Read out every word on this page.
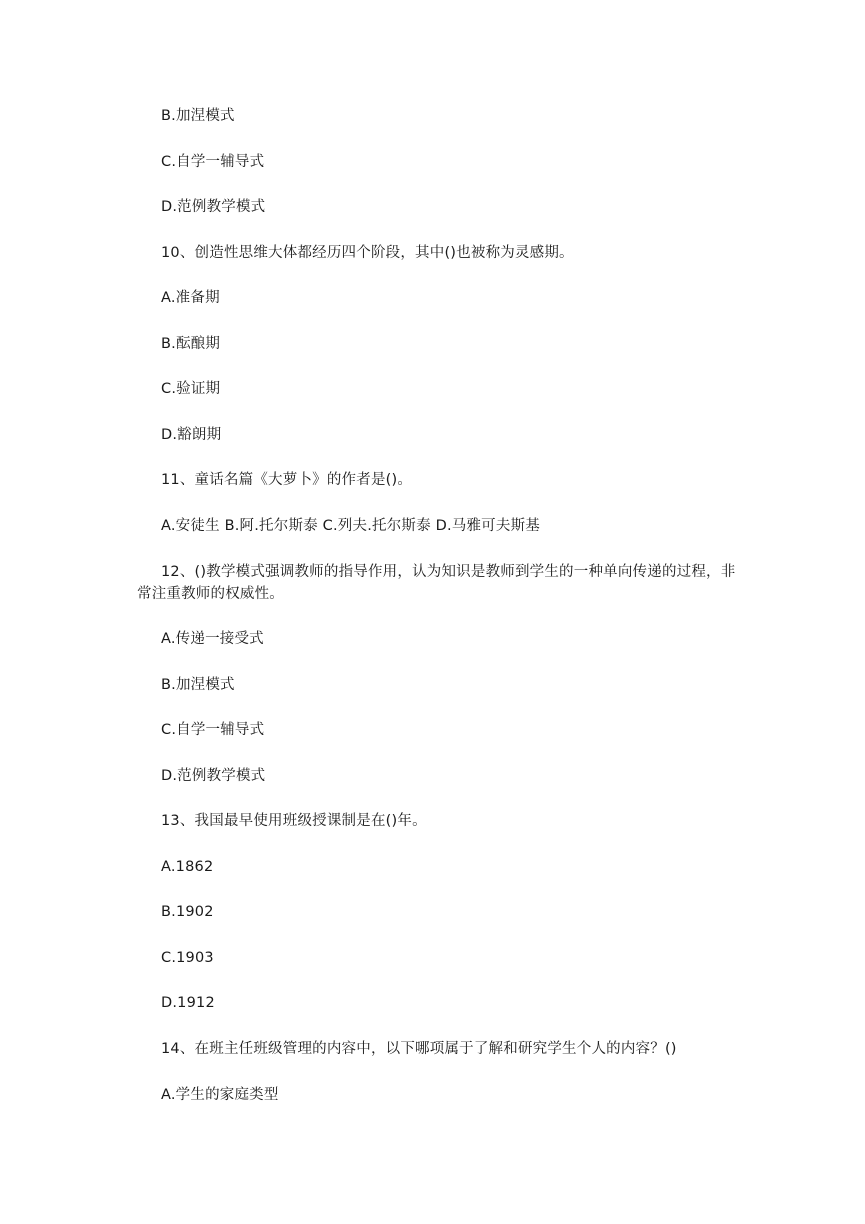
B.加涅模式
C.自学一辅导式
D.范例教学模式
10、创造性思维大体都经历四个阶段，其中()也被称为灵感期。
A.准备期
B.酝酿期
C.验证期
D.豁朗期
11、童话名篇《大萝卜》的作者是()。
A.安徒生 B.阿.托尔斯泰 C.列夫.托尔斯泰 D.马雅可夫斯基
12、()教学模式强调教师的指导作用，认为知识是教师到学生的一种单向传递的过程，非常注重教师的权威性。
A.传递一接受式
B.加涅模式
C.自学一辅导式
D.范例教学模式
13、我国最早使用班级授课制是在()年。
A.1862
B.1902
C.1903
D.1912
14、在班主任班级管理的内容中，以下哪项属于了解和研究学生个人的内容？()
A.学生的家庭类型
